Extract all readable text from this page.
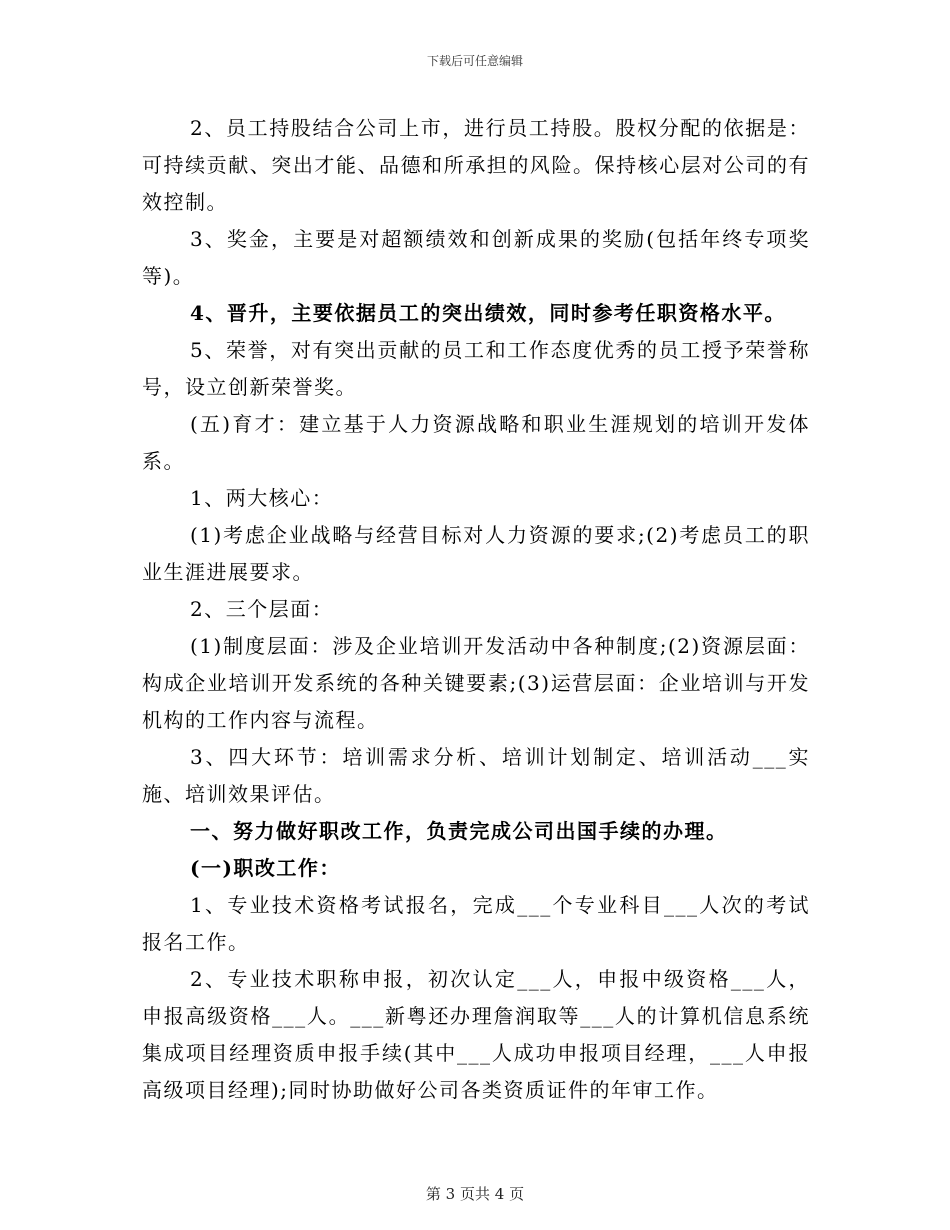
下载后可任意编辑

2、员工持股结合公司上市，进行员工持股。股权分配的依据是：可持续贡献、突出才能、品德和所承担的风险。保持核心层对公司的有效控制。

3、奖金，主要是对超额绩效和创新成果的奖励(包括年终专项奖等)。

4、晋升，主要依据员工的突出绩效，同时参考任职资格水平。

5、荣誉，对有突出贡献的员工和工作态度优秀的员工授予荣誉称号，设立创新荣誉奖。

(五)育才：建立基于人力资源战略和职业生涯规划的培训开发体系。

1、两大核心：

(1)考虑企业战略与经营目标对人力资源的要求;(2)考虑员工的职业生涯进展要求。

2、三个层面：

(1)制度层面：涉及企业培训开发活动中各种制度;(2)资源层面：构成企业培训开发系统的各种关键要素;(3)运营层面：企业培训与开发机构的工作内容与流程。

3、四大环节：培训需求分析、培训计划制定、培训活动___实施、培训效果评估。

一、努力做好职改工作，负责完成公司出国手续的办理。

(一)职改工作：

1、专业技术资格考试报名，完成___个专业科目___人次的考试报名工作。

2、专业技术职称申报，初次认定___人，申报中级资格___人，申报高级资格___人。___新粤还办理詹润取等___人的计算机信息系统集成项目经理资质申报手续(其中___人成功申报项目经理，___人申报高级项目经理);同时协助做好公司各类资质证件的年审工作。

第 3 页共 4 页
